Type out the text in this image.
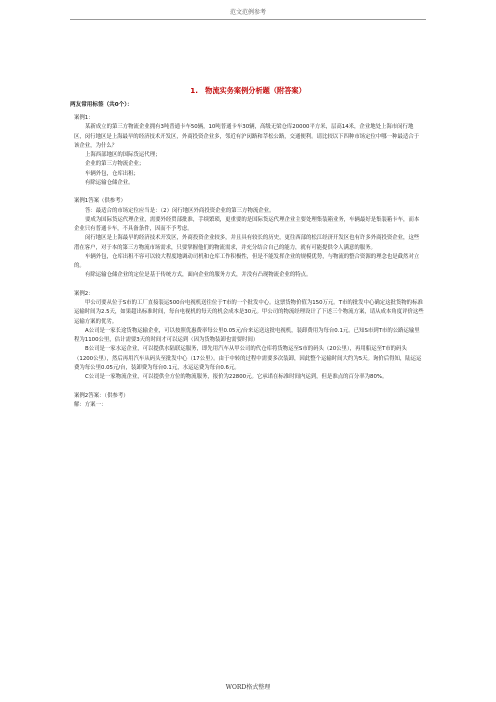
范文范例参考
1.　物流实务案例分析题（附答案）
两友常用标签（共0个）：

案例1：

某新成立的第三方物流企业拥有3吨普通卡车50辆，10吨普通卡车30辆，高级无梁仓库20000平方米，层高14米，企业地处上海市闵行地区，闵行地区是上海最早的经济技术开发区，外商投资企业多，邻近有沪闵路和莘松公路，交通便利。请比较以下四种市场定位中哪一种最适合于该企业，为什么？

上海西部地区的国际货运代理；

企业的第三方物流企业；

车辆外包，仓库出租；

有除运输仓储企业。

案例1答案（供参考）

答：最适合的市场定位应当是：（2）闵行地区外商投资企业的第三方物流企业。

要成为国际货运代理企业，需要外经贸部批准，手续繁琐，更重要的是国际货运代理企业主要处理集装箱业务，车辆最好是集装箱卡车，而本企业只有普通卡车，不具备条件，因而不予考虑。

闵行地区是上海最早的经济技术开发区，外商投资企业较多，并且具有较长的历史，更往西部的松江经济开发区也有许多外商投资企业，这些潜在客户，对于本的第三方物流市场需求，只要掌握他们的物流需求，并充分结合自己的能力，就有可能提供令人满意的服务。

车辆外包，仓库出租不容可以较大程度地调动司机和仓库工作积极性，但是不能发挥企业的规模优势，与物流的整合资源的理念也是截然对立的。

有除运输仓储企业的定位是基于传统方式，面向企业的服务方式，并没有凸现物流企业的特点。

案例2：

甲公司要从位于S市的工厂直接装运500台电视机送往位于T市的一个批发中心。这票货物价值为150万元。T市的批发中心确定这批货物的标准运输时间为2.5天，如果超出标准时间，每台电视机的每天的机会成本是30元。甲公司的物流经理设计了下述三个物流方案，请从成本角度评价这些运输方案的优劣。

A公司是一家长途货物运输企业，可以按照优惠费率每公里0.05元/台来运送这批电视机，装卸费用为每台0.1元。已知S市到T市的公路运输里程为1100公里，估计需要3天的时间才可以运到（因为货物装卸也需要时间）

B公司是一家水运企业，可以提供水陆联运服务，即先用汽车从甲公司的代仓库将货物运至S市的码头（20公里），再用船运至T市的码头（1200公里），然后再用汽车从码头至批发中心（17公里）。由于中转的过程中需要多次装卸，因此整个运输时间大约为5天。询价后得知，陆运运费为每公里0.05元/台，装卸费为每台0.1元，水运运费为每台0.6元。

C公司是一家物流企业，可以提供全方位的物流服务，报价为22800元。它承诺在标准时间内运到，但是准点的百分率为80%。

案例2答案：（供参考）

解：方案一：

WORD格式整理
